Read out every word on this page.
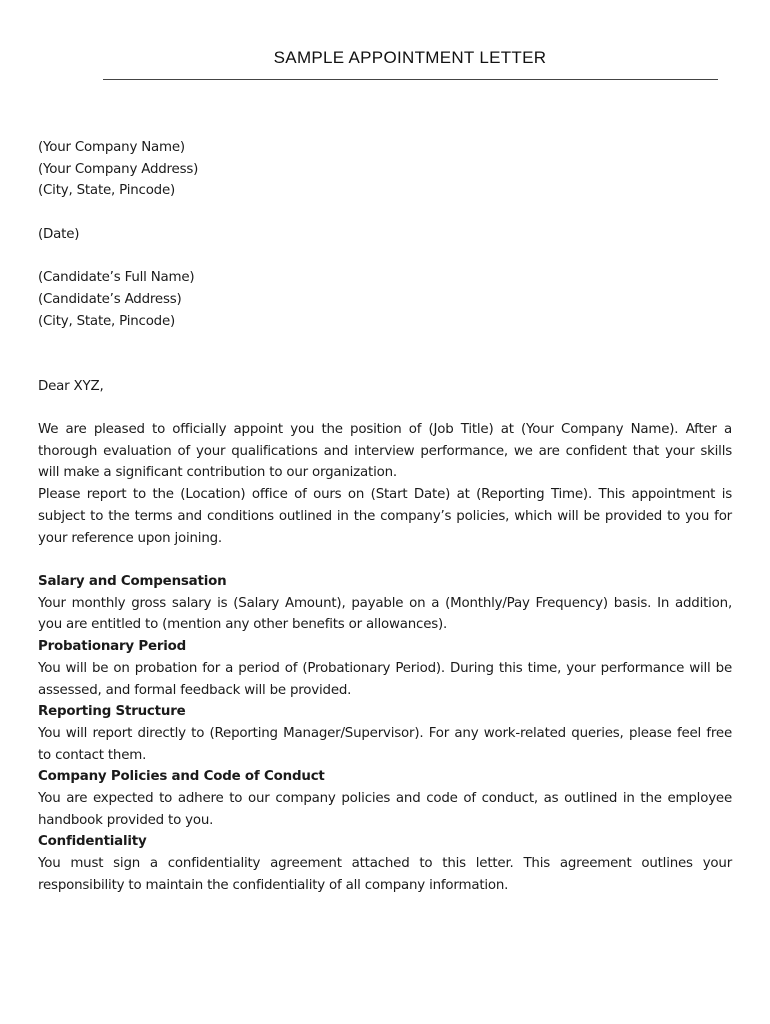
SAMPLE APPOINTMENT LETTER
(Your Company Name)
(Your Company Address)
(City, State, Pincode)
(Date)
(Candidate’s Full Name)
(Candidate’s Address)
(City, State, Pincode)
Dear XYZ,
We are pleased to officially appoint you the position of (Job Title) at (Your Company Name). After a thorough evaluation of your qualifications and interview performance, we are confident that your skills will make a significant contribution to our organization.
Please report to the (Location) office of ours on (Start Date) at (Reporting Time). This appointment is subject to the terms and conditions outlined in the company’s policies, which will be provided to you for your reference upon joining.
Salary and Compensation
Your monthly gross salary is (Salary Amount), payable on a (Monthly/Pay Frequency) basis. In addition, you are entitled to (mention any other benefits or allowances).
Probationary Period
You will be on probation for a period of (Probationary Period). During this time, your performance will be assessed, and formal feedback will be provided.
Reporting Structure
You will report directly to (Reporting Manager/Supervisor). For any work-related queries, please feel free to contact them.
Company Policies and Code of Conduct
You are expected to adhere to our company policies and code of conduct, as outlined in the employee handbook provided to you.
Confidentiality
You must sign a confidentiality agreement attached to this letter. This agreement outlines your responsibility to maintain the confidentiality of all company information.
